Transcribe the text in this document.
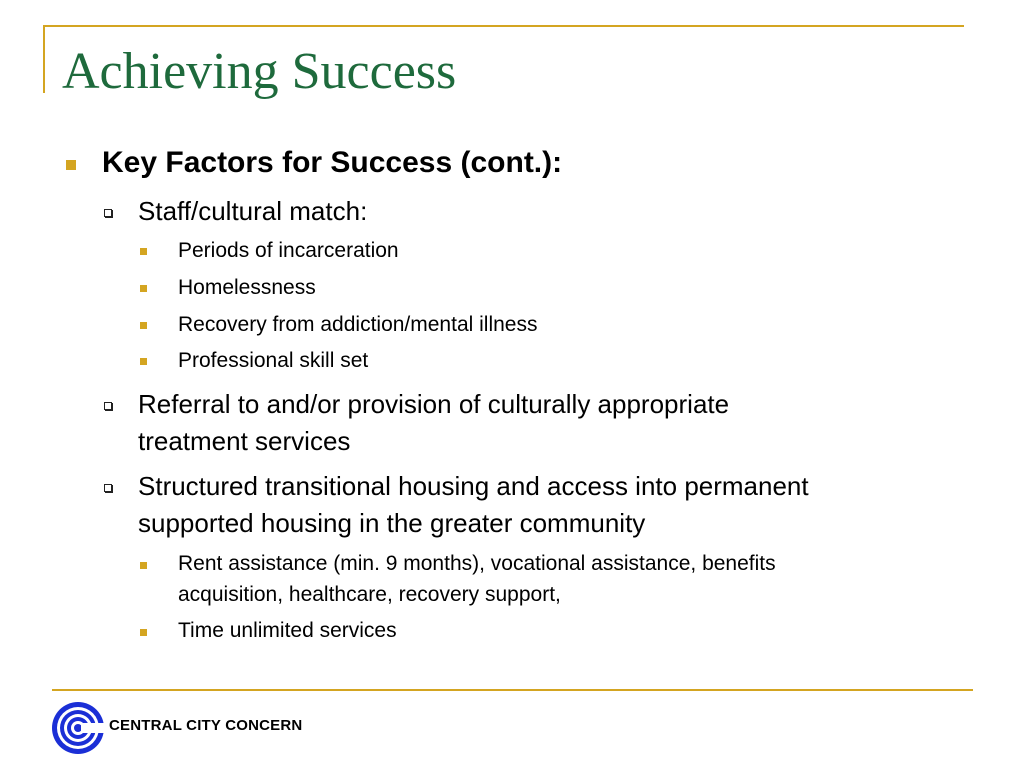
Achieving Success
Key Factors for Success (cont.):
Staff/cultural match:
Periods of incarceration
Homelessness
Recovery from addiction/mental illness
Professional skill set
Referral to and/or provision of culturally appropriate
treatment services
Structured transitional housing and access into permanent
supported housing in the greater community
Rent assistance (min. 9 months), vocational assistance, benefits
acquisition, healthcare, recovery support,
Time unlimited services
CENTRAL CITY CONCERN
